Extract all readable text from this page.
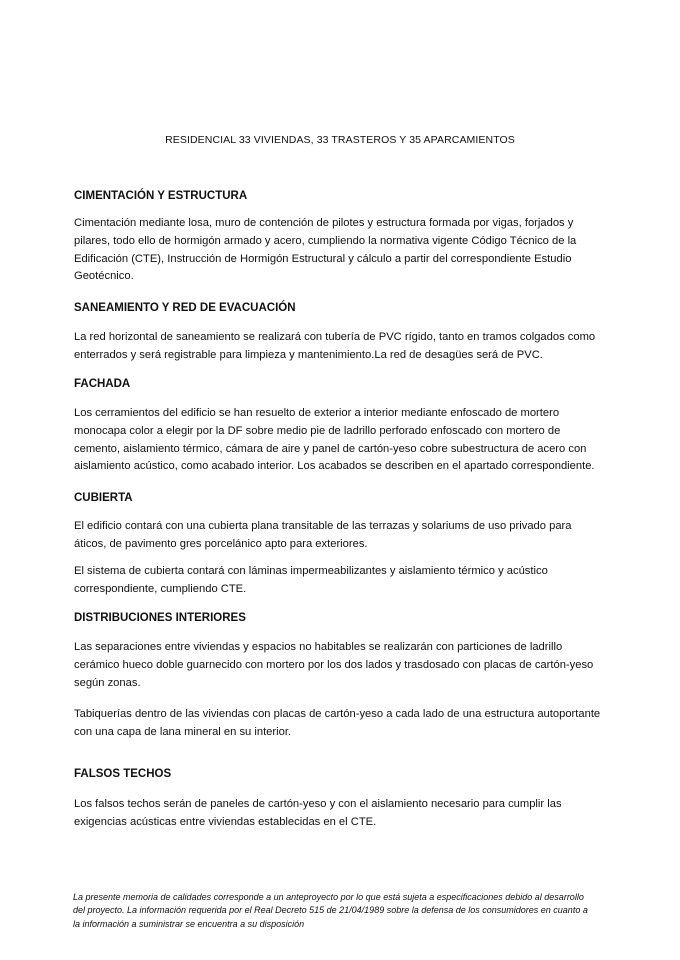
RESIDENCIAL 33 VIVIENDAS, 33 TRASTEROS Y 35 APARCAMIENTOS
CIMENTACIÓN Y ESTRUCTURA
Cimentación mediante losa, muro de contención de pilotes y estructura formada por vigas, forjados y
pilares, todo ello de hormigón armado y acero, cumpliendo la normativa vigente Código Técnico de la
Edificación (CTE), Instrucción de Hormigón Estructural y cálculo a partir del correspondiente Estudio
Geotécnico.
SANEAMIENTO Y RED DE EVACUACIÓN
La red horizontal de saneamiento se realizará con tubería de PVC rígido, tanto en tramos colgados como
enterrados y será registrable para limpieza y mantenimiento.La red de desagües será de PVC.
FACHADA
Los cerramientos del edificio se han resuelto de exterior a interior mediante enfoscado de mortero
monocapa color a elegir por la DF sobre medio pie de ladrillo perforado enfoscado con mortero de
cemento, aislamiento térmico, cámara de aire y panel de cartón-yeso cobre subestructura de acero con
aislamiento acústico, como acabado interior. Los acabados se describen en el apartado correspondiente.
CUBIERTA
El edificio contará con una cubierta plana transitable de las terrazas y solariums de uso privado para
áticos, de pavimento gres porcelánico apto para exteriores.
El sistema de cubierta contará con láminas impermeabilizantes y aislamiento térmico y acústico
correspondiente, cumpliendo CTE.
DISTRIBUCIONES INTERIORES
Las separaciones entre viviendas y espacios no habitables se realizarán con particiones de ladrillo
cerámico hueco doble guarnecido con mortero por los dos lados y trasdosado con placas de cartón-yeso
según zonas.
Tabiquerías dentro de las viviendas con placas de cartón-yeso a cada lado de una estructura autoportante
con una capa de lana mineral en su interior.
FALSOS TECHOS
Los falsos techos serán de paneles de cartón-yeso y con el aislamiento necesario para cumplir las
exigencias acústicas entre viviendas establecidas en el CTE.
La presente memoria de calidades corresponde a un anteproyecto por lo que está sujeta a especificaciones debido al desarrollo
del proyecto. La información requerida por el Real Decreto 515 de 21/04/1989 sobre la defensa de los consumidores en cuanto a
la información a suministrar se encuentra a su disposición
